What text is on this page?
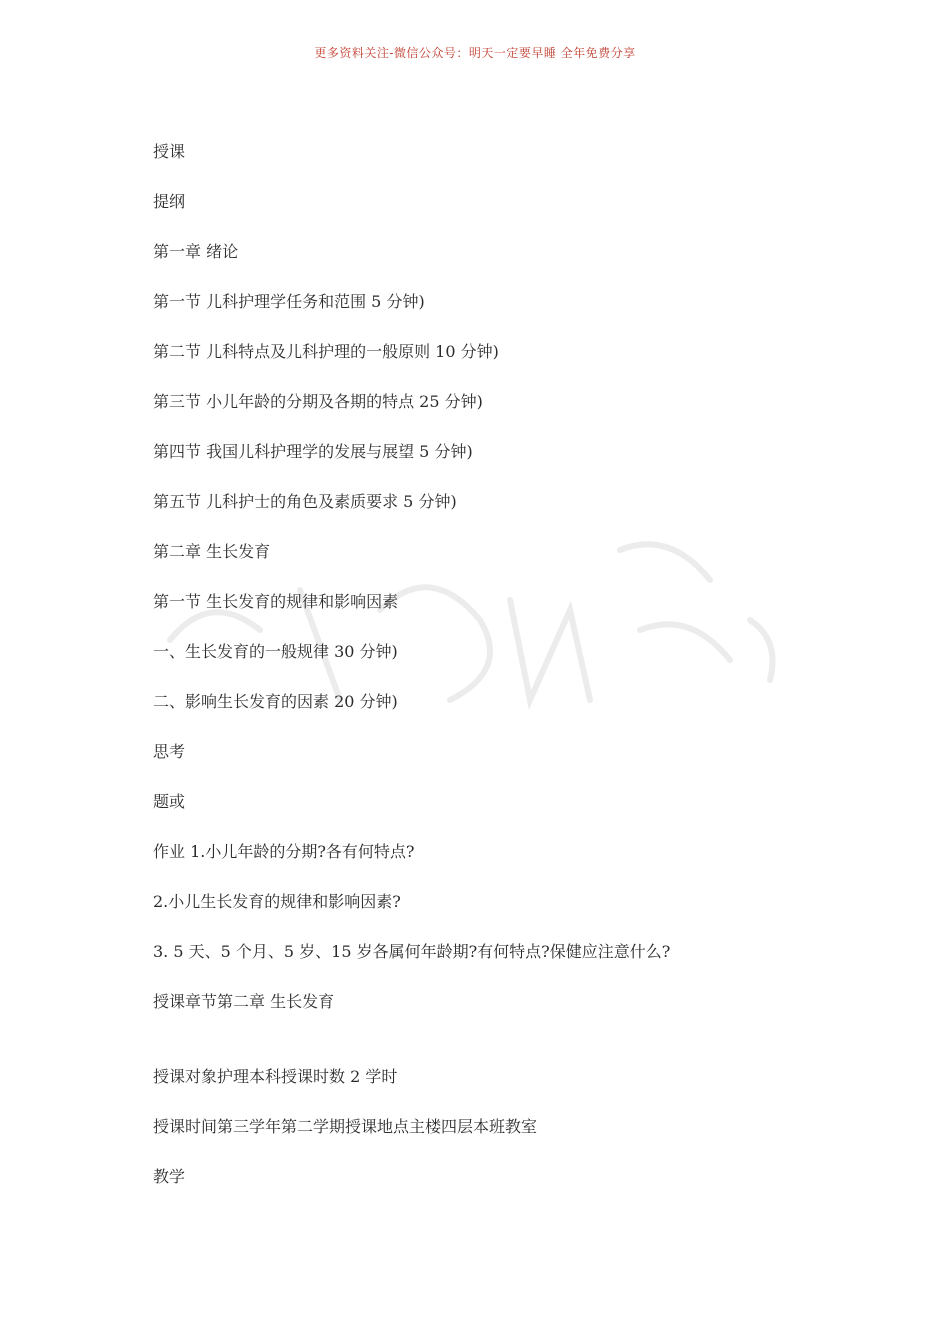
更多资料关注-微信公众号：明天一定要早睡 全年免费分享
授课
提纲
第一章 绪论
第一节 儿科护理学任务和范围 5 分钟)
第二节 儿科特点及儿科护理的一般原则 10 分钟)
第三节 小儿年龄的分期及各期的特点 25 分钟)
第四节 我国儿科护理学的发展与展望 5 分钟)
第五节 儿科护士的角色及素质要求 5 分钟)
第二章 生长发育
第一节 生长发育的规律和影响因素
一、生长发育的一般规律 30 分钟)
二、影响生长发育的因素 20 分钟)
思考
题或
作业 1.小儿年龄的分期?各有何特点?
2.小儿生长发育的规律和影响因素?
3. 5 天、5 个月、5 岁、15 岁各属何年龄期?有何特点?保健应注意什么?
授课章节第二章 生长发育
授课对象护理本科授课时数 2 学时
授课时间第三学年第二学期授课地点主楼四层本班教室
教学
